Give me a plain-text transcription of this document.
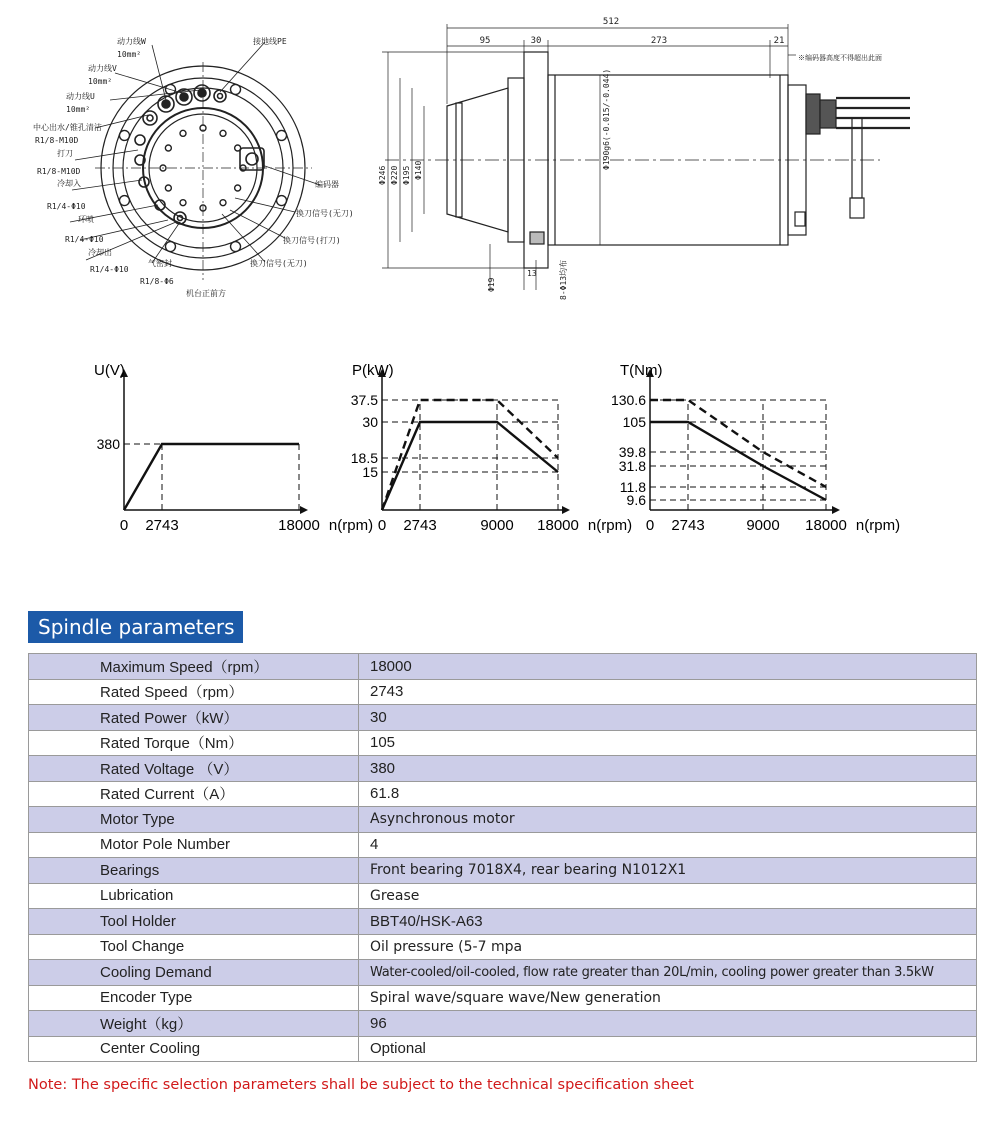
动力线W
10mm²
动力线V
10mm²
动力线U
10mm²
中心出水/锥孔清洁
R1/8-M10D
打刀
R1/8-M10D
冷却入
R1/4-Φ10
环喷
R1/4-Φ10
冷却出
R1/4-Φ10
气密封
R1/8-Φ6
机台正前方
接地线PE
编码器
换刀信号(无刀)
换刀信号(打刀)
换刀信号(无刀)
512
95	30	273	21
※编码器高度不得超出此面
Φ246 Φ220 Φ195 Φ140
Φ190g6(-0.015/-0.044)
Φ19
13	8-Φ13均布
U(V)
0 2743	18000 n(rpm)
380
P(kW)
0 2743	9000 18000 n(rpm)
37.5
30
18.5
15
T(Nm)
0 2743	9000 18000 n(rpm)
130.6
105
39.8
31.8
11.8
9.6
Spindle parameters
Maximum Speed（rpm）	18000
Rated Speed（rpm）	2743
Rated Power（kW）	30
Rated Torque（Nm）	105
Rated Voltage （V）	380
Rated Current（A）	61.8
Motor Type	Asynchronous motor
Motor Pole Number	4
Bearings	Front bearing 7018X4, rear bearing N1012X1
Lubrication	Grease
Tool Holder	BBT40/HSK-A63
Tool Change	Oil pressure (5-7 mpa
Cooling Demand	Water-cooled/oil-cooled, flow rate greater than 20L/min, cooling power greater than 3.5kW
Encoder Type	Spiral wave/square wave/New generation
Weight（kg）	96
Center Cooling	Optional
Note: The specific selection parameters shall be subject to the technical specification sheet
